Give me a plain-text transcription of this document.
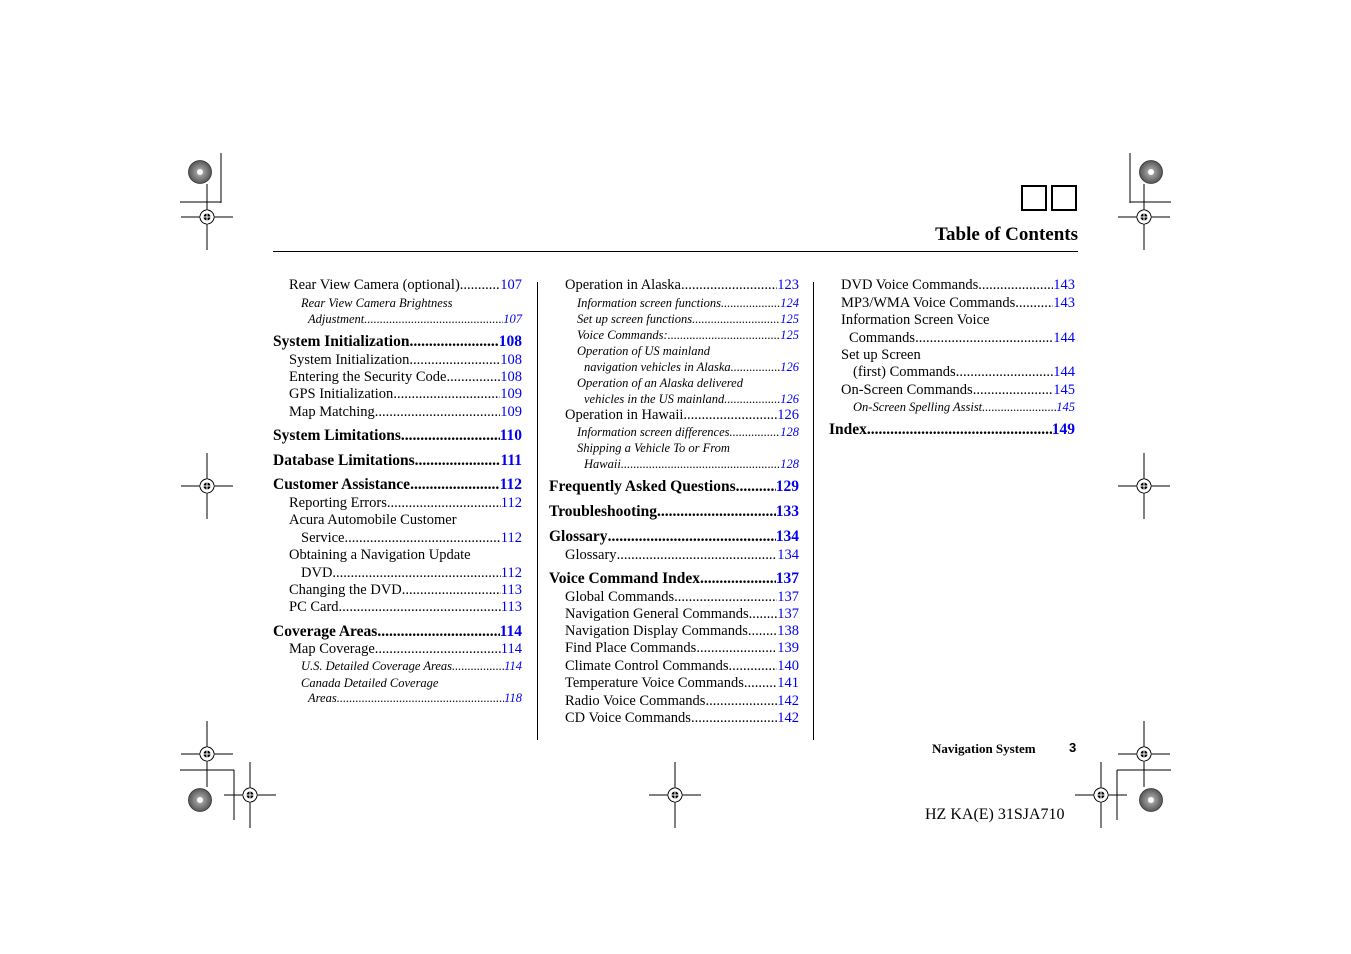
Table of Contents
Rear View Camera (optional) .....	107
Rear View Camera Brightness
Adjustment .....	107
System Initialization .....	108
System Initialization .....	108
Entering the Security Code .....	108
GPS Initialization .....	109
Map Matching .....	109
System Limitations .....	110
Database Limitations .....	111
Customer Assistance .....	112
Reporting Errors .....	112
Acura Automobile Customer
Service .....	112
Obtaining a Navigation Update
DVD .....	112
Changing the DVD .....	113
PC Card .....	113
Coverage Areas .....	114
Map Coverage .....	114
U.S. Detailed Coverage Areas .....	114
Canada Detailed Coverage
Areas .....	118
Operation in Alaska .....	123
Information screen functions .....	124
Set up screen functions .....	125
Voice Commands: .....	125
Operation of US mainland
navigation vehicles in Alaska .....	126
Operation of an Alaska delivered
vehicles in the US mainland .....	126
Operation in Hawaii .....	126
Information screen differences .....	128
Shipping a Vehicle To or From
Hawaii .....	128
Frequently Asked Questions .....	129
Troubleshooting .....	133
Glossary .....	134
Glossary .....	134
Voice Command Index .....	137
Global Commands .....	137
Navigation General Commands ..... 137
Navigation Display Commands ..... 138
Find Place Commands .....	139
Climate Control Commands .....	140
Temperature Voice Commands ..... 141
Radio Voice Commands .....	142
CD Voice Commands .....	142
DVD Voice Commands .....	143
MP3/WMA Voice Commands .....	143
Information Screen Voice
Commands .....	144
Set up Screen
(first) Commands .....	144
On-Screen Commands .....	145
On-Screen Spelling Assist .....	145
Index .....	149
Navigation System	3
HZ KA(E) 31SJA710
